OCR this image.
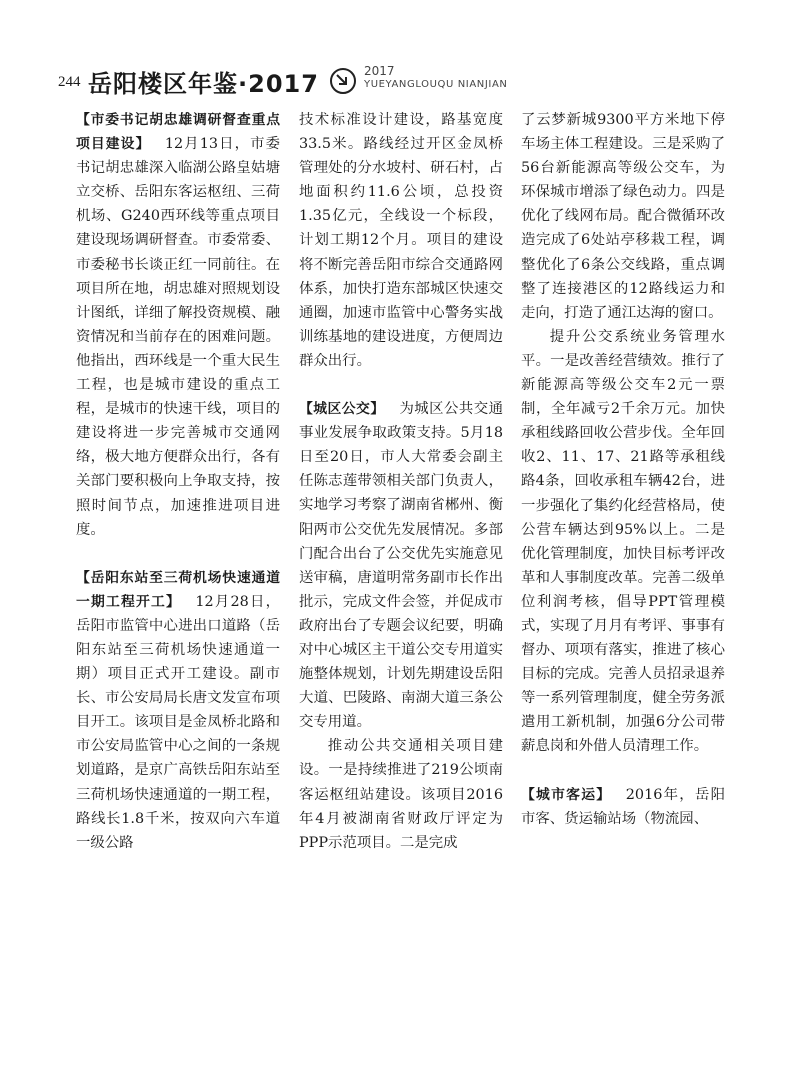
244 岳阳楼区年鉴·2017	2017
YUEYANGLOUQU NIANJIAN

【市委书记胡忠雄调研督查重点项目建设】  12月13日，市委书记胡忠雄深入临湖公路皇姑塘立交桥、岳阳东客运枢纽、三荷机场、G240西环线等重点项目建设现场调研督查。市委常委、市委秘书长谈正红一同前往。在项目所在地，胡忠雄对照规划设计图纸，详细了解投资规模、融资情况和当前存在的困难问题。他指出，西环线是一个重大民生工程，也是城市建设的重点工程，是城市的快速干线，项目的建设将进一步完善城市交通网络，极大地方便群众出行，各有关部门要积极向上争取支持，按照时间节点，加速推进项目进度。

【岳阳东站至三荷机场快速通道一期工程开工】  12月28日，岳阳市监管中心进出口道路（岳阳东站至三荷机场快速通道一期）项目正式开工建设。副市长、市公安局局长唐文发宣布项目开工。该项目是金凤桥北路和市公安局监管中心之间的一条规划道路，是京广高铁岳阳东站至三荷机场快速通道的一期工程，路线长1.8千米，按双向六车道一级公路

技术标准设计建设，路基宽度33.5米。路线经过开区金凤桥管理处的分水坡村、研石村，占地面积约11.6公顷，总投资1.35亿元，全线设一个标段，计划工期12个月。项目的建设将不断完善岳阳市综合交通路网体系，加快打造东部城区快速交通圈，加速市监管中心警务实战训练基地的建设进度，方便周边群众出行。

【城区公交】  为城区公共交通事业发展争取政策支持。5月18日至20日，市人大常委会副主任陈志莲带领相关部门负责人，实地学习考察了湖南省郴州、衡阳两市公交优先发展情况。多部门配合出台了公交优先实施意见送审稿，唐道明常务副市长作出批示，完成文件会签，并促成市政府出台了专题会议纪要，明确对中心城区主干道公交专用道实施整体规划，计划先期建设岳阳大道、巴陵路、南湖大道三条公交专用道。

推动公共交通相关项目建设。一是持续推进了219公顷南客运枢纽站建设。该项目2016年4月被湖南省财政厅评定为PPP示范项目。二是完成

了云梦新城9300平方米地下停车场主体工程建设。三是采购了56台新能源高等级公交车，为环保城市增添了绿色动力。四是优化了线网布局。配合微循环改造完成了6处站亭移栽工程，调整优化了6条公交线路，重点调整了连接港区的12路线运力和走向，打造了通江达海的窗口。

提升公交系统业务管理水平。一是改善经营绩效。推行了新能源高等级公交车2元一票制，全年减亏2千余万元。加快承租线路回收公营步伐。全年回收2、11、17、21路等承租线路4条，回收承租车辆42台，进一步强化了集约化经营格局，使公营车辆达到95%以上。二是优化管理制度，加快目标考评改革和人事制度改革。完善二级单位利润考核，倡导PPT管理模式，实现了月月有考评、事事有督办、项项有落实，推进了核心目标的完成。完善人员招录退养等一系列管理制度，健全劳务派遣用工新机制，加强6分公司带薪息岗和外借人员清理工作。

【城市客运】  2016年，岳阳市客、货运输站场（物流园、
